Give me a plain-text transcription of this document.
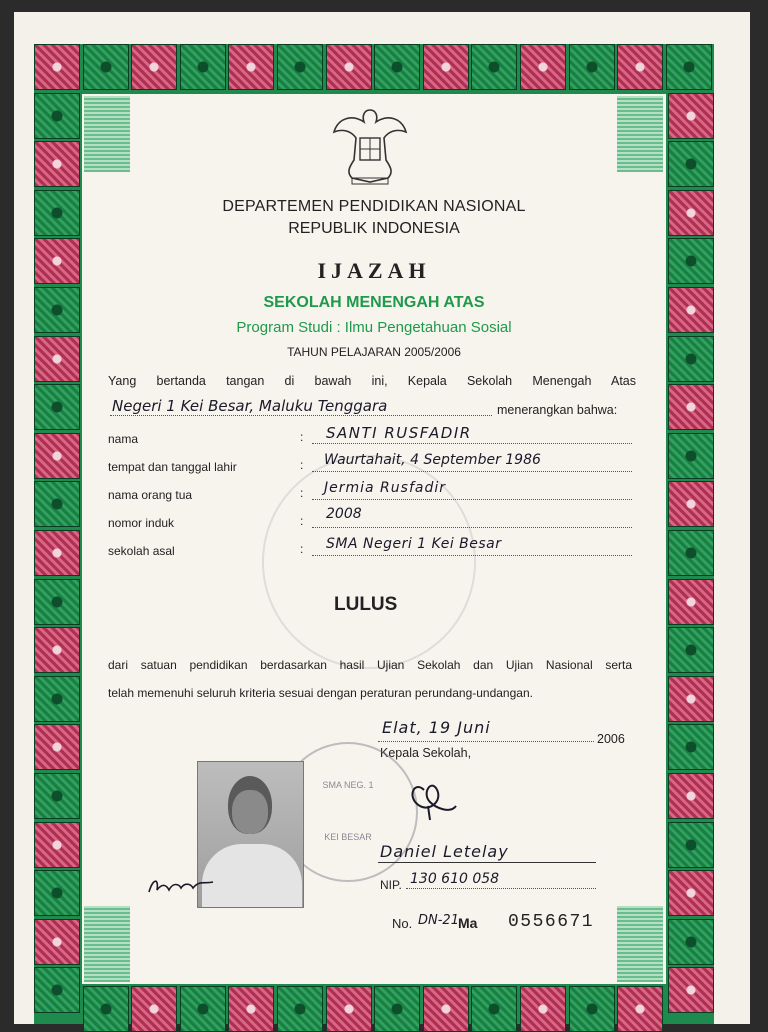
DEPARTEMEN PENDIDIKAN NASIONAL
REPUBLIK INDONESIA
IJAZAH
SEKOLAH MENENGAH ATAS
Program Studi : Ilmu Pengetahuan Sosial
TAHUN PELAJARAN 2005/2006
Yang bertanda tangan di bawah ini, Kepala Sekolah Menengah Atas
Negeri 1 Kei Besar, Maluku Tenggara	menerangkan bahwa:
nama	: SANTI RUSFADIR
tempat dan tanggal lahir	: Waurtahait, 4 September 1986
nama orang tua	: Jermia Rusfadir
nomor induk	: 2008
sekolah asal	: SMA Negeri 1 Kei Besar
LULUS
dari satuan pendidikan berdasarkan hasil Ujian Sekolah dan Ujian Nasional serta
telah memenuhi seluruh kriteria sesuai dengan peraturan perundang-undangan.
Elat, 19 Juni
2006
Kepala Sekolah,
SMA NEG. 1
KEI BESAR
Daniel Letelay
NIP. 130 610 058
No. DN-21 Ma 0556671
